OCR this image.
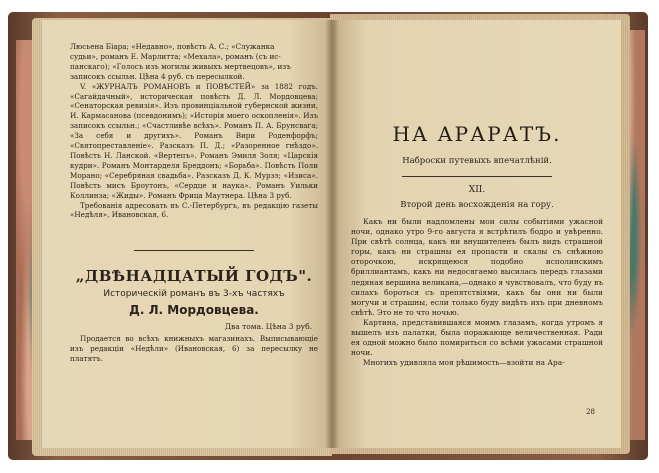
Люсьена Біара; «Недавно», повѣсть А. С.; «Служанка

судьи», романъ Е. Марлитта; «Мехала», романъ (съ ис-

панскаго); «Голосъ изъ могилы живыхъ мертвецовъ», изъ

записокъ ссыльн. Цѣна 4 руб. съ пересылкой.

V. «ЖУРНАЛЪ РОМАНОВЪ и ПОВѢСТЕЙ» за 1882 годъ. «Сагайдачный», историческая повѣсть Д. Л. Мордовцева; «Сенаторская ревизія». Изъ провинціальной губернской жизни, И. Кармасанова (псевдонимъ); «Исторія моего оскопленія». Изъ записокъ ссыльн.; «Счастливѣе всѣхъ». Романъ П. А. Брунсвага; «За себя и другихъ». Романъ Вири Роденфорфъ; «Святопреставленіе». Разсказъ П. Д.; «Разоренное гнѣздо». Повѣсть Н. Ланской. «Вертепъ». Романъ Эмиля Золя; «Царскія кудри». Романъ Монтарделя Бреддонъ; «Борьба». Повѣсть Поли Морано; «Серебряная свадьба». Разсказъ Д. К. Мурзэ; «Изиса». Повѣсть мисъ Броутонъ, «Сердце и наука». Романъ Уильки Коллинза; «Жиды». Романъ Фрица Маутнера. Цѣна 3 руб.

Требованія адресовать въ С.-Петербургъ, въ редакцію газеты «Недѣля», Ивановская, 6.

„ДВѢНАДЦАТЫЙ ГОДЪ".
Историческій романъ въ 3-хъ частяхъ
Д. Л. Мордовцева.
Два тома. Цѣна 3 руб.

Продается во всѣхъ книжныхъ магазинахъ. Выписывающіе изъ редакціи «Недѣли» (Ивановская, 6) за пересылку не платятъ.

НА АРАРАТЪ.
Наброски путевыхъ впечатлѣній.
XII.
Второй день восхожденія на гору.

Какъ ни были надломлены мои силы событіями ужасной ночи, однако утро 9-го августа я встрѣтилъ бодро и увѣренно. При свѣтѣ солнца, какъ ни внушителенъ былъ видъ страшной горы, какъ ни страшны ея пропасти и скалы съ снѣжною оторочкою, искрящеюся подобно исполинскимъ бриллиантамъ, какъ ни недосягаемо высилась передъ глазами ледяная вершина великана,—однако я чувствовалъ, что буду въ силахъ бороться съ препятствіями, какъ бы они ни были могучи и страшны, если только буду видѣть ихъ при дневномъ свѣтѣ. Это не то что ночью.

Картина, представившаяся моимъ глазамъ, когда утромъ я вышелъ изъ палатки, была поражающе величественная. Ради ея одной можно было помириться со всѣми ужасами страшной ночи.

Многихъ удивляла моя рѣшимость—взойти на Ара-

28
